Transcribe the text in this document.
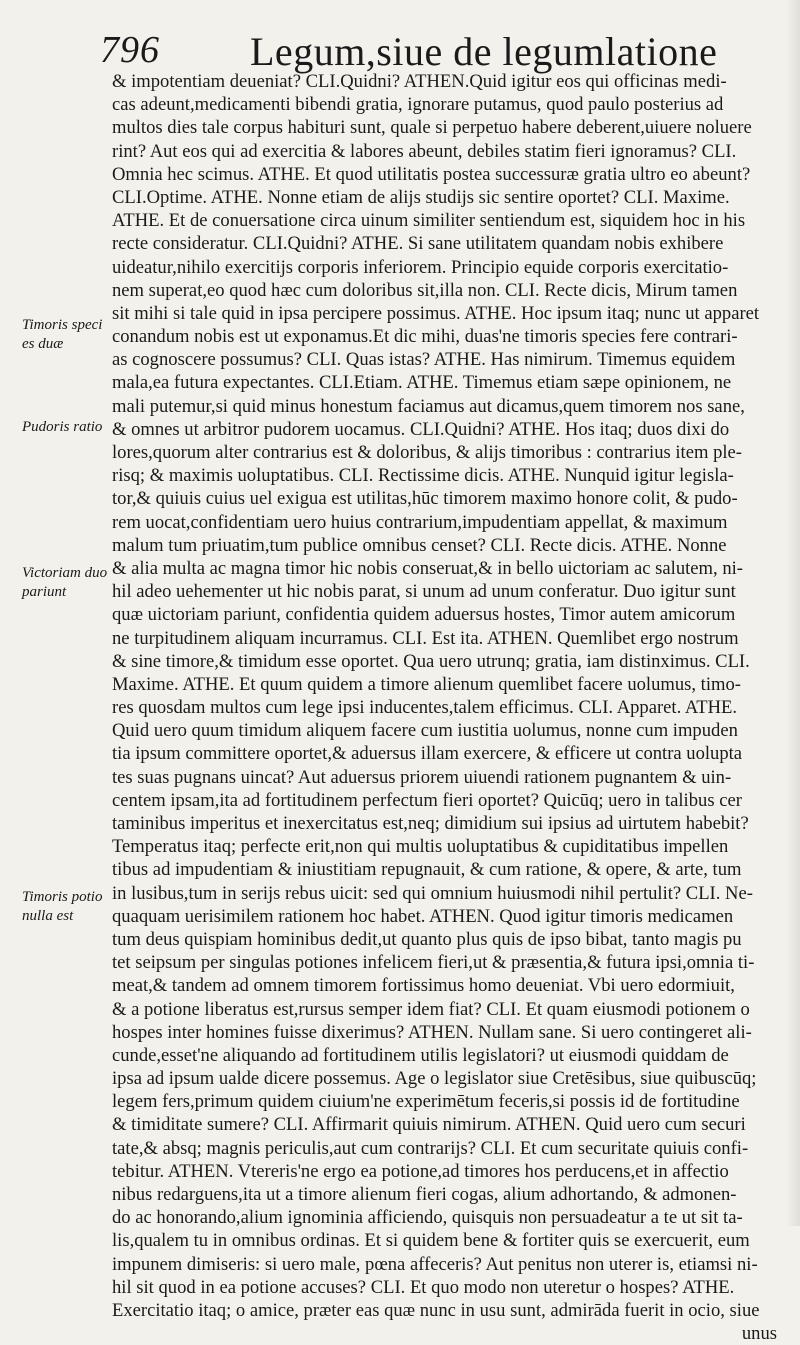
796 Legum,siue de legumlatione
& impotentiam deueniat? CLI.Quidni? ATHEN.Quid igitur eos qui officinas medi-
cas adeunt,medicamenti bibendi gratia, ignorare putamus, quod paulo posterius ad
multos dies tale corpus habituri sunt, quale si perpetuo habere deberent,uiuere noluere
rint? Aut eos qui ad exercitia & labores abeunt, debiles statim fieri ignoramus? CLI.
Omnia hec scimus. ATHE. Et quod utilitatis postea successuræ gratia ultro eo abeunt?
CLI.Optime. ATHE. Nonne etiam de alijs studijs sic sentire oportet? CLI. Maxime.
ATHE. Et de conuersatione circa uinum similiter sentiendum est, siquidem hoc in his
recte consideratur. CLI.Quidni? ATHE. Si sane utilitatem quandam nobis exhibere
uideatur,nihilo exercitijs corporis inferiorem. Principio equide corporis exercitatio-
nem superat,eo quod hæc cum doloribus sit,illa non. CLI. Recte dicis, Mirum tamen
sit mihi si tale quid in ipsa percipere possimus. ATHE. Hoc ipsum itaq; nunc ut apparet
conandum nobis est ut exponamus.Et dic mihi, duas'ne timoris species fere contrari-
as cognoscere possumus? CLI. Quas istas? ATHE. Has nimirum. Timemus equidem
mala,ea futura expectantes. CLI.Etiam. ATHE. Timemus etiam sæpe opinionem, ne
mali putemur,si quid minus honestum faciamus aut dicamus,quem timorem nos sane,
& omnes ut arbitror pudorem uocamus. CLI.Quidni? ATHE. Hos itaq; duos dixi do
lores,quorum alter contrarius est & doloribus, & alijs timoribus : contrarius item ple-
risq; & maximis uoluptatibus. CLI. Rectissime dicis. ATHE. Nunquid igitur legisla-
tor,& quiuis cuius uel exigua est utilitas,hūc timorem maximo honore colit, & pudo-
rem uocat,confidentiam uero huius contrarium,impudentiam appellat, & maximum
malum tum priuatim,tum publice omnibus censet? CLI. Recte dicis. ATHE. Nonne
& alia multa ac magna timor hic nobis conseruat,& in bello uictoriam ac salutem, ni-
hil adeo uehementer ut hic nobis parat, si unum ad unum conferatur. Duo igitur sunt
quæ uictoriam pariunt, confidentia quidem aduersus hostes, Timor autem amicorum
ne turpitudinem aliquam incurramus. CLI. Est ita. ATHEN. Quemlibet ergo nostrum
& sine timore,& timidum esse oportet. Qua uero utrunq; gratia, iam distinximus. CLI.
Maxime. ATHE. Et quum quidem a timore alienum quemlibet facere uolumus, timo-
res quosdam multos cum lege ipsi inducentes,talem efficimus. CLI. Apparet. ATHE.
Quid uero quum timidum aliquem facere cum iustitia uolumus, nonne cum impuden
tia ipsum committere oportet,& aduersus illam exercere, & efficere ut contra uolupta
tes suas pugnans uincat? Aut aduersus priorem uiuendi rationem pugnantem & uin-
centem ipsam,ita ad fortitudinem perfectum fieri oportet? Quicūq; uero in talibus cer
taminibus imperitus et inexercitatus est,neq; dimidium sui ipsius ad uirtutem habebit?
Temperatus itaq; perfecte erit,non qui multis uoluptatibus & cupiditatibus impellen
tibus ad impudentiam & iniustitiam repugnauit, & cum ratione, & opere, & arte, tum
in lusibus,tum in serijs rebus uicit: sed qui omnium huiusmodi nihil pertulit? CLI. Ne-
quaquam uerisimilem rationem hoc habet. ATHEN. Quod igitur timoris medicamen
tum deus quispiam hominibus dedit,ut quanto plus quis de ipso bibat, tanto magis pu
tet seipsum per singulas potiones infelicem fieri,ut & præsentia,& futura ipsi,omnia ti-
meat,& tandem ad omnem timorem fortissimus homo deueniat. Vbi uero edormiuit,
& a potione liberatus est,rursus semper idem fiat? CLI. Et quam eiusmodi potionem o
hospes inter homines fuisse dixerimus? ATHEN. Nullam sane. Si uero contingeret ali-
cunde,esset'ne aliquando ad fortitudinem utilis legislatori? ut eiusmodi quiddam de
ipsa ad ipsum ualde dicere possemus. Age o legislator siue Cretēsibus, siue quibuscūq;
legem fers,primum quidem ciuium'ne experimētum feceris,si possis id de fortitudine
& timiditate sumere? CLI. Affirmarit quiuis nimirum. ATHEN. Quid uero cum securi
tate,& absq; magnis periculis,aut cum contrarijs? CLI. Et cum securitate quiuis confi-
tebitur. ATHEN. Vtereris'ne ergo ea potione,ad timores hos perducens,et in affectio
nibus redarguens,ita ut a timore alienum fieri cogas, alium adhortando, & admonen-
do ac honorando,alium ignominia afficiendo, quisquis non persuadeatur a te ut sit ta-
lis,qualem tu in omnibus ordinas. Et si quidem bene & fortiter quis se exercuerit, eum
impunem dimiseris: si uero male, pœna affeceris? Aut penitus non uterer is, etiamsi ni-
hil sit quod in ea potione accuses? CLI. Et quo modo non uteretur o hospes? ATHE.
Exercitatio itaq; o amice, præter eas quæ nunc in usu sunt, admirāda fuerit in ocio, siue
unus
Timoris speci es duæ
Pudoris ratio
Victoriam duo pariunt
Timoris potio nulla est
